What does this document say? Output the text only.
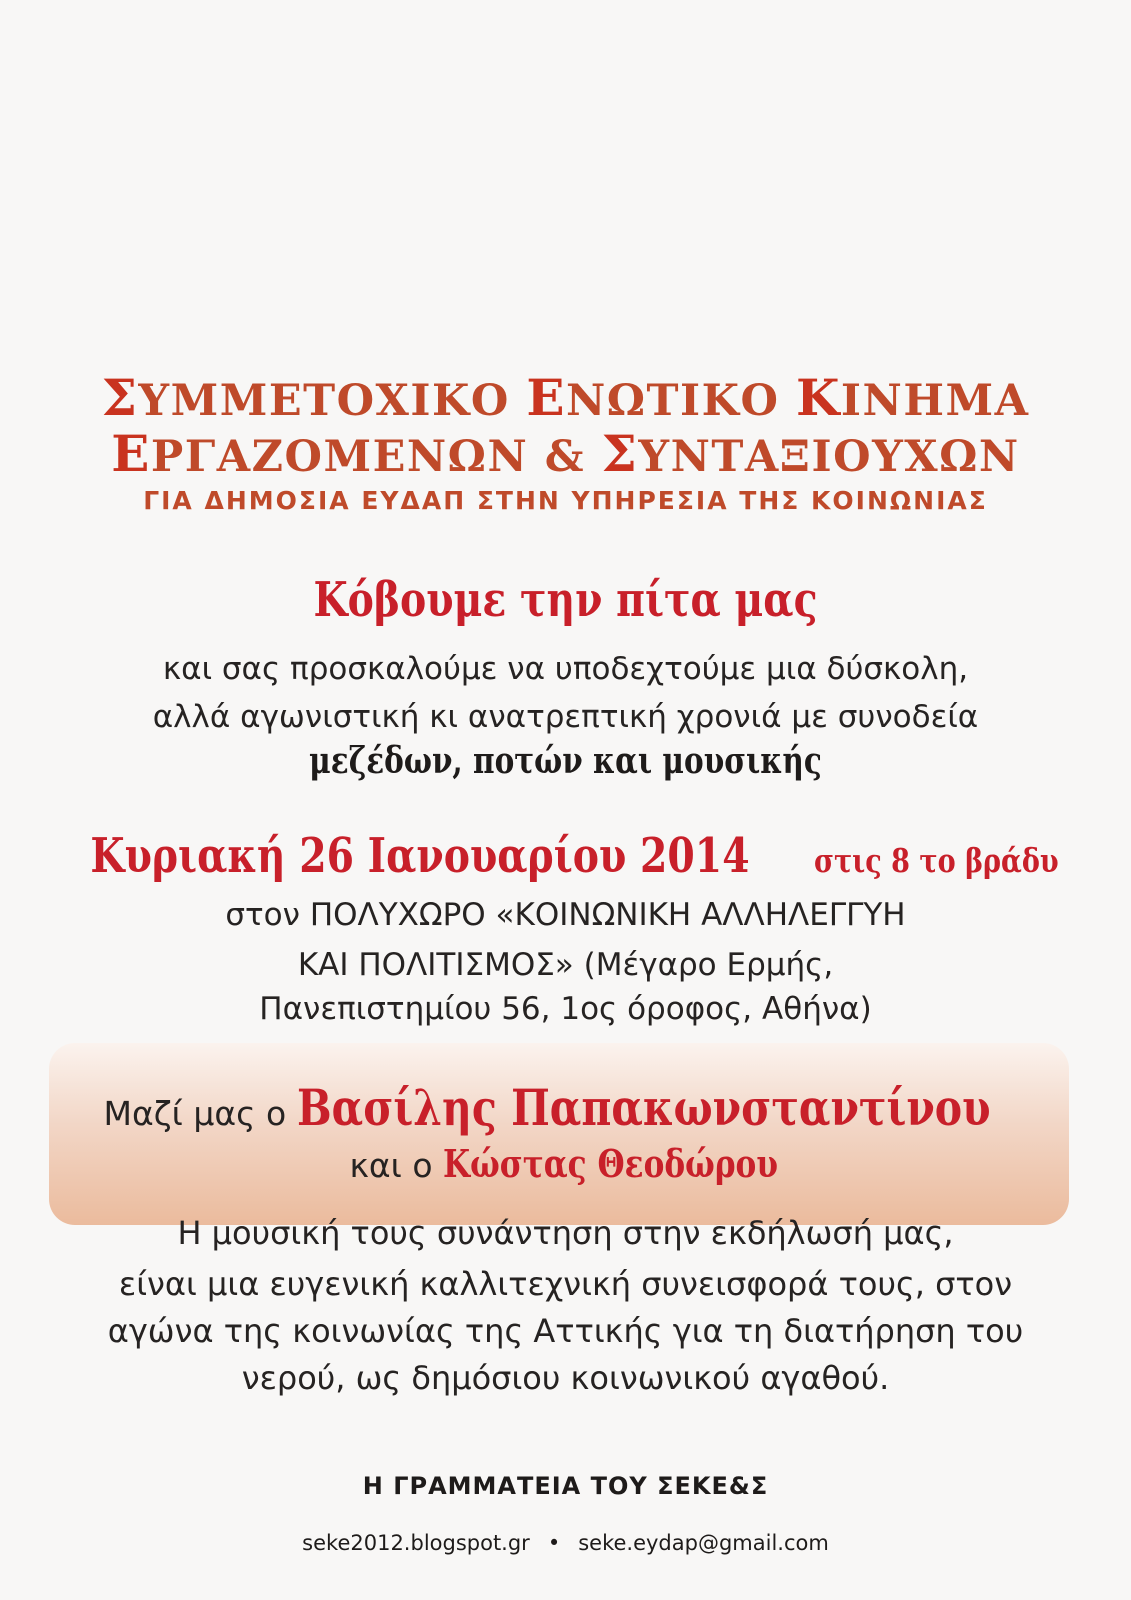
ΣΥΜΜΕΤΟΧΙΚΟ ΕΝΩΤΙΚΟ ΚΙΝΗΜΑ
ΕΡΓΑΖΟΜΕΝΩΝ & ΣΥΝΤΑΞΙΟΥΧΩΝ
ΓΙΑ ΔΗΜΟΣΙΑ ΕΥΔΑΠ ΣΤΗΝ ΥΠΗΡΕΣΙΑ ΤΗΣ ΚΟΙΝΩΝΙΑΣ
Κόβουμε την πίτα μας
και σας προσκαλούμε να υποδεχτούμε μια δύσκολη,
αλλά αγωνιστική κι ανατρεπτική χρονιά με συνοδεία
μεζέδων, ποτών και μουσικής
Κυριακή 26 Ιανουαρίου 2014 στις 8 το βράδυ
στον ΠΟΛΥΧΩΡΟ «ΚΟΙΝΩΝΙΚΗ ΑΛΛΗΛΕΓΓΥΗ
ΚΑΙ ΠΟΛΙΤΙΣΜΟΣ» (Μέγαρο Ερμής,
Πανεπιστημίου 56, 1ος όροφος, Αθήνα)
Μαζί μας ο Βασίλης Παπακωνσταντίνου
και ο Κώστας Θεοδώρου
Η μουσική τους συνάντηση στην εκδήλωσή μας,
είναι μια ευγενική καλλιτεχνική συνεισφορά τους, στον
αγώνα της κοινωνίας της Αττικής για τη διατήρηση του
νερού, ως δημόσιου κοινωνικού αγαθού.
Η ΓΡΑΜΜΑΤΕΙΑ ΤΟΥ ΣΕΚΕ&Σ
seke2012.blogspot.gr • seke.eydap@gmail.com
